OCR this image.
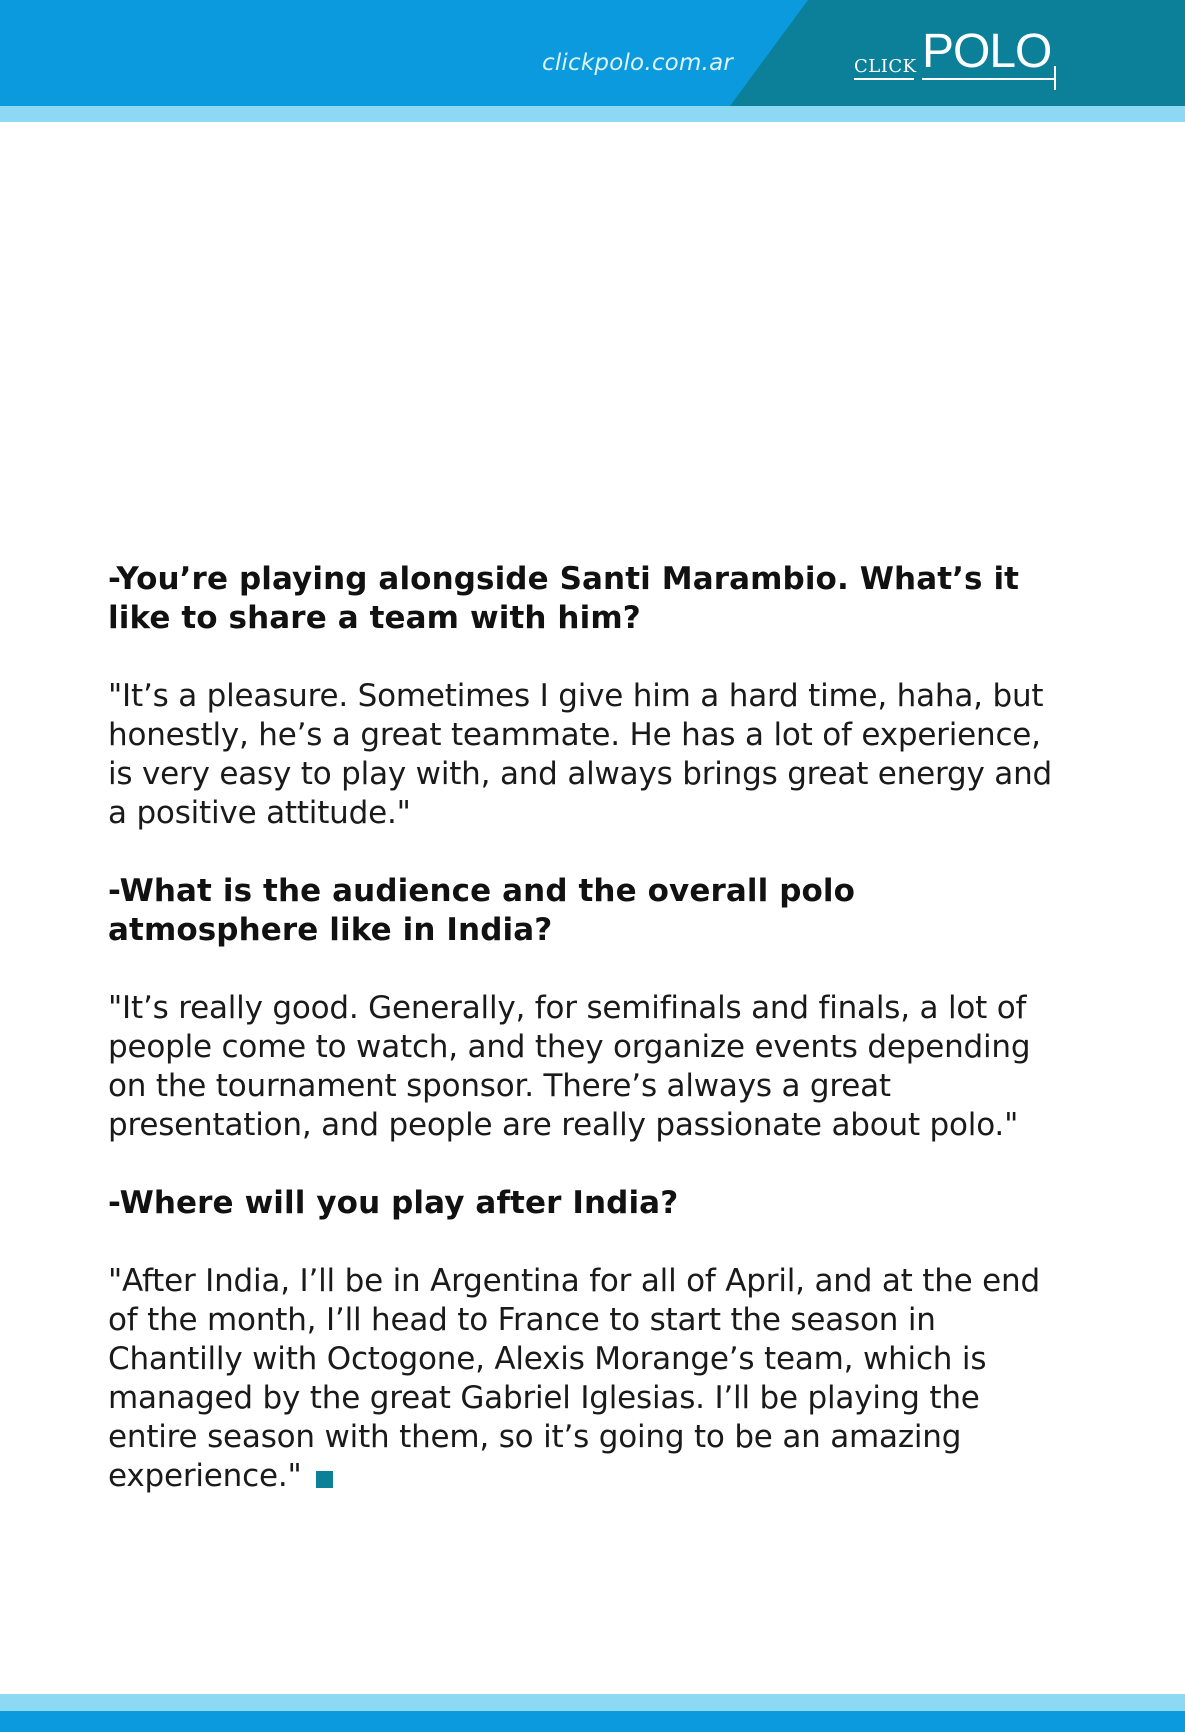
clickpolo.com.ar	CLICK POLO

-You’re playing alongside Santi Marambio. What’s it like to share a team with him?

"It’s a pleasure. Sometimes I give him a hard time, haha, but honestly, he’s a great teammate. He has a lot of experience, is very easy to play with, and always brings great energy and a positive attitude."

-What is the audience and the overall polo atmosphere like in India?

"It’s really good. Generally, for semifinals and finals, a lot of people come to watch, and they organize events depending on the tournament sponsor. There’s always a great presentation, and people are really passionate about polo."

-Where will you play after India?

"After India, I’ll be in Argentina for all of April, and at the end of the month, I’ll head to France to start the season in Chantilly with Octogone, Alexis Morange’s team, which is managed by the great Gabriel Iglesias. I’ll be playing the entire season with them, so it’s going to be an amazing experience."
